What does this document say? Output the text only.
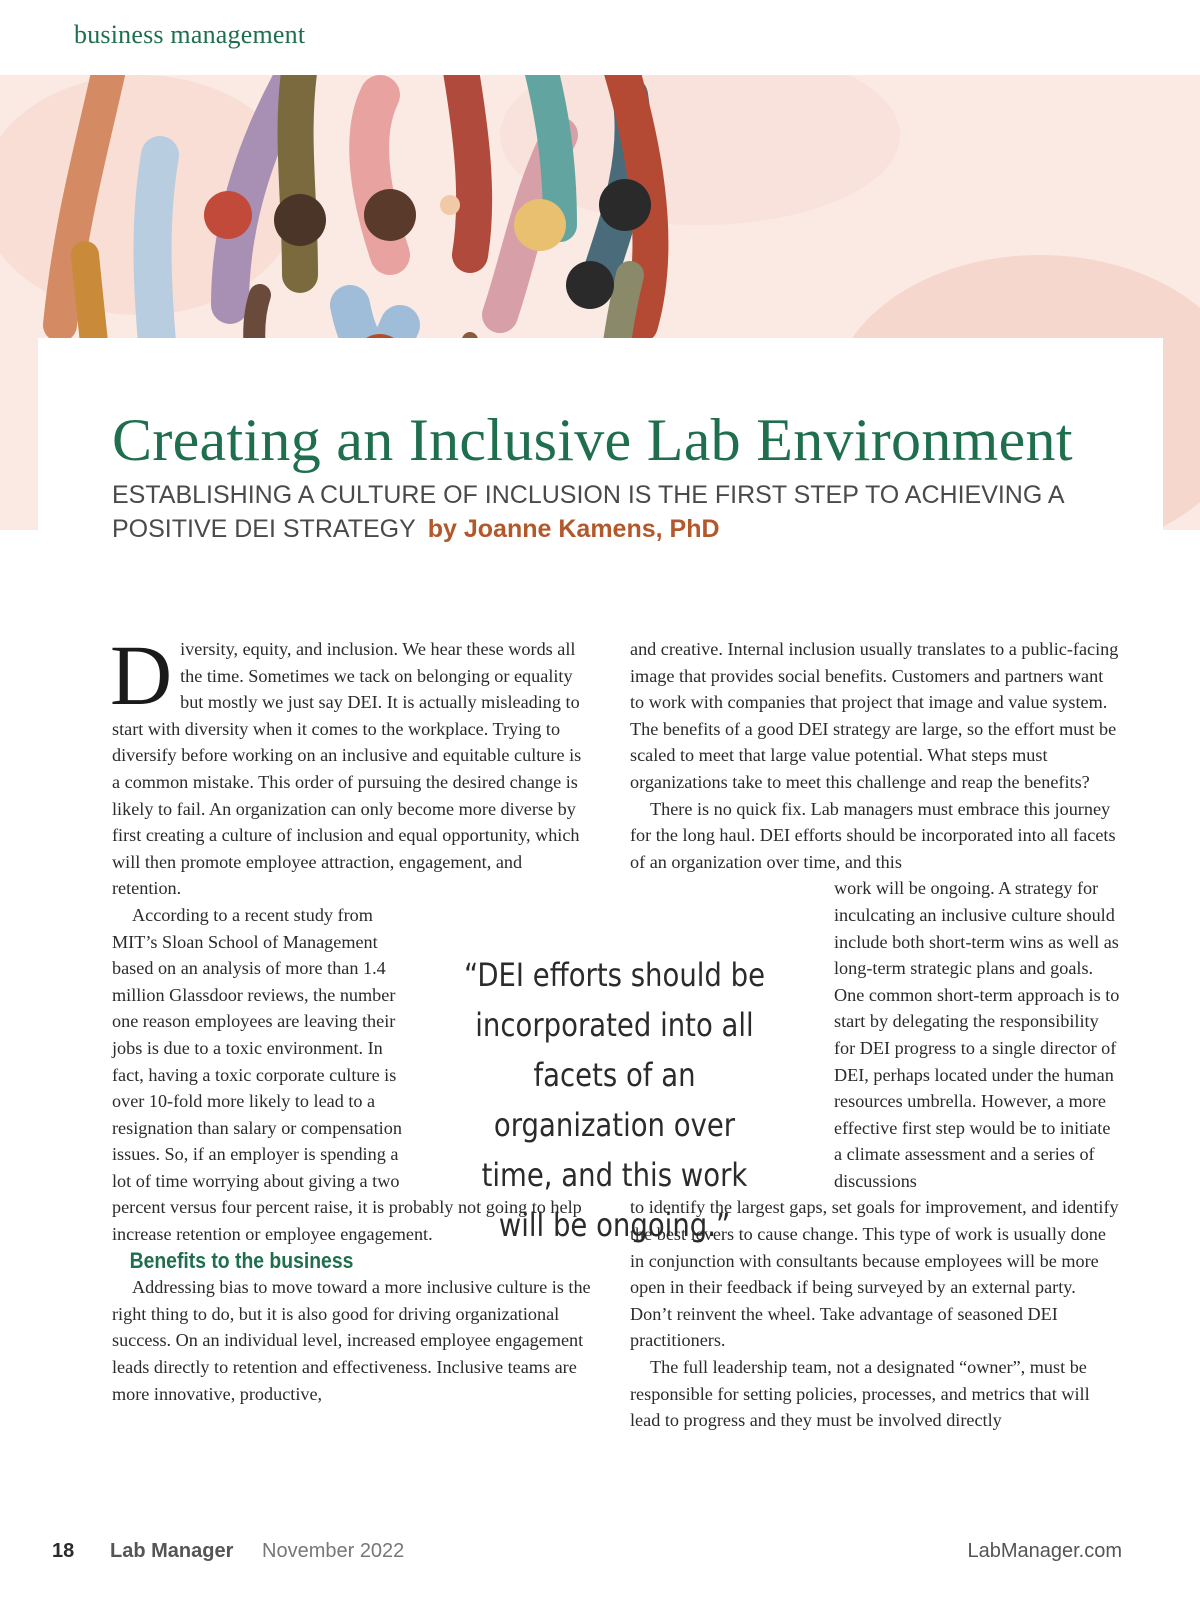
business management
Creating an Inclusive Lab Environment

ESTABLISHING A CULTURE OF INCLUSION IS THE FIRST STEP TO ACHIEVING A POSITIVE DEI STRATEGY by Joanne Kamens, PhD

Diversity, equity, and inclusion. We hear these words all the time. Sometimes we tack on belonging or equality but mostly we just say DEI. It is actually misleading to start with diversity when it comes to the workplace. Trying to diversify before working on an inclusive and equitable culture is a common mistake. This order of pursuing the desired change is likely to fail. An organization can only become more diverse by first creating a culture of inclusion and equal opportunity, which will then promote employee attraction, engagement, and retention.

According to a recent study from MIT’s Sloan School of Management based on an analysis of more than 1.4 million Glassdoor reviews, the number one reason employees are leaving their jobs is due to a toxic environment. In fact, having a toxic corporate culture is over 10-fold more likely to lead to a resignation than salary or compensation issues. So, if an employer is spending a lot of time worrying about giving a two

percent versus four percent raise, it is probably not going to help increase retention or employee engagement.

Benefits to the business

Addressing bias to move toward a more inclusive culture is the right thing to do, but it is also good for driving organizational success. On an individual level, increased employee engagement leads directly to retention and effectiveness. Inclusive teams are more innovative, productive,

and creative. Internal inclusion usually translates to a public-facing image that provides social benefits. Customers and partners want to work with companies that project that image and value system. The benefits of a good DEI strategy are large, so the effort must be scaled to meet that large value potential. What steps must organizations take to meet this challenge and reap the benefits?

There is no quick fix. Lab managers must embrace this journey for the long haul. DEI efforts should be incorporated into all facets of an organization over time, and this

work will be ongoing. A strategy for inculcating an inclusive culture should include both short-term wins as well as long-term strategic plans and goals. One common short-term approach is to start by delegating the responsibility for DEI progress to a single director of DEI, perhaps located under the human resources umbrella. However, a more effective first step would be to initiate a climate assessment and a series of discussions

to identify the largest gaps, set goals for improvement, and identify the best levers to cause change. This type of work is usually done in conjunction with consultants because employees will be more open in their feedback if being surveyed by an external party. Don’t reinvent the wheel. Take advantage of seasoned DEI practitioners.

The full leadership team, not a designated “owner”, must be responsible for setting policies, processes, and metrics that will lead to progress and they must be involved directly

“DEI efforts should be incorporated into all facets of an organization over time, and this work will be ongoing.”
18 Lab Manager November 2022	LabManager.com
